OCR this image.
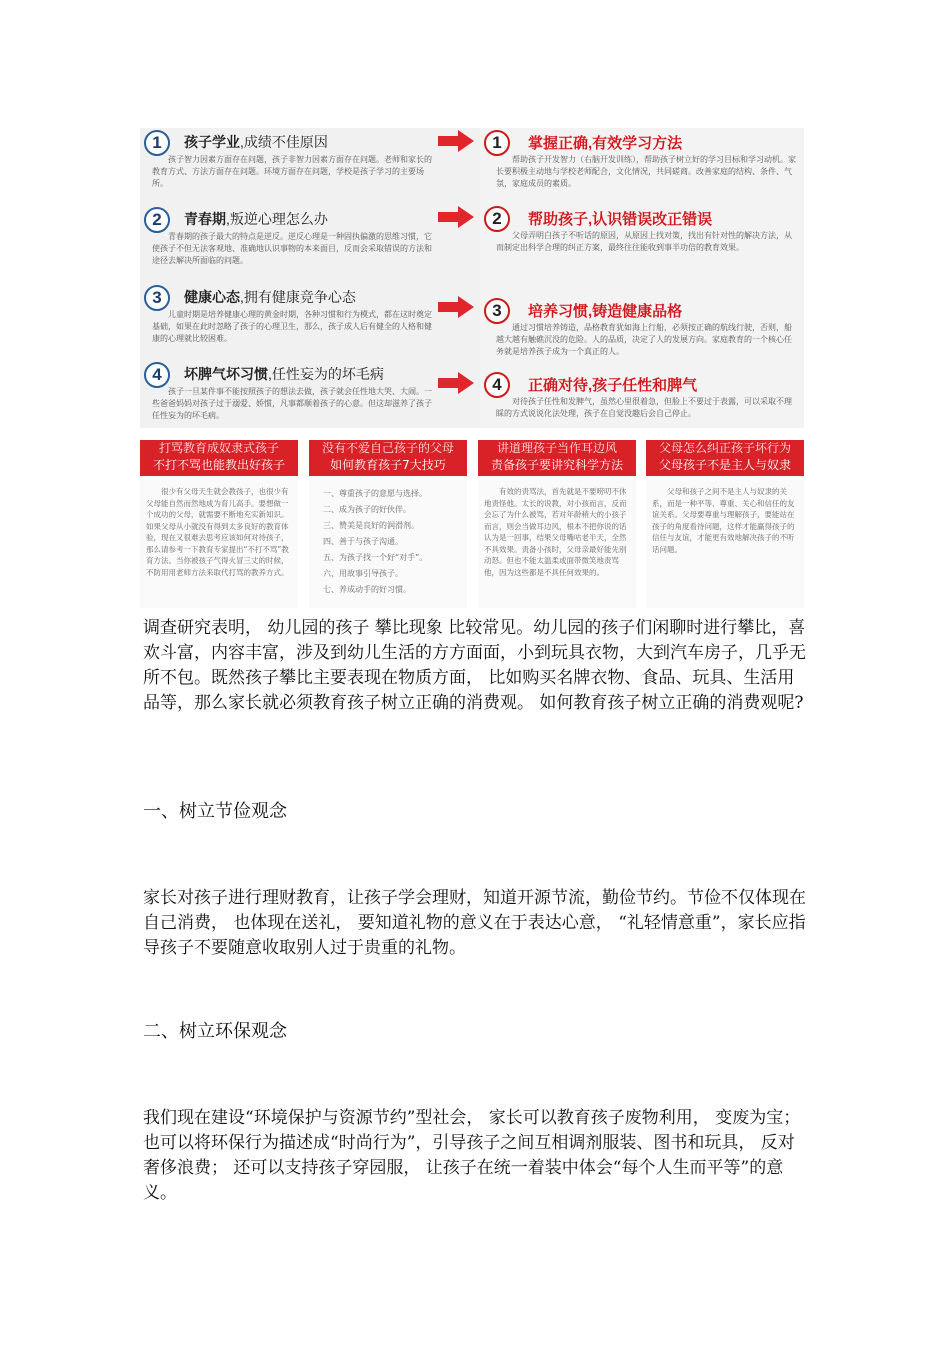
1	孩子学业,成绩不佳原因
孩子智力因素方面存在问题，孩子非智力因素方面存在问题。老师和家长的教育方式、方法方面存在问题。环境方面存在问题，学校是孩子学习的主要场所。
2	青春期,叛逆心理怎么办
青春期的孩子最大的特点是逆反。逆反心理是一种固执偏激的思维习惯，它使孩子不但无法客观地、准确地认识事物的本来面目，反而会采取错误的方法和途径去解决所面临的问题。
3	健康心态,拥有健康竞争心态
儿童时期是培养健康心理的黄金时期，各种习惯和行为模式，都在这时奠定基础，如果在此时忽略了孩子的心理卫生，那么，孩子成人后有健全的人格和健康的心理就比较困难。
4	坏脾气坏习惯,任性妄为的坏毛病
孩子一旦某件事不能按照孩子的想法去做，孩子就会任性地大哭、大闹。一些爸爸妈妈对孩子过于溺爱、娇惯，凡事都顺着孩子的心意。但这却滋养了孩子任性妄为的坏毛病。
1	掌握正确,有效学习方法
帮助孩子开发智力（右脑开发训练），帮助孩子树立好的学习目标和学习动机。家长要积极主动地与学校老师配合，文化情况，共同磋商。改善家庭的结构、条件、气氛，家庭成员的素质。
2	帮助孩子,认识错误改正错误
父母弄明白孩子不听话的原因，从原因上找对策，找出有针对性的解决方法，从而制定出科学合理的纠正方案，最终往往能收到事半功倍的教育效果。
3	培养习惯,铸造健康品格
通过习惯培养铸造，品格教育犹如海上行船，必须按正确的航线行驶，否则，船越大越有触礁沉没的危险。人的品质，决定了人的发展方向。家庭教育的一个核心任务就是培养孩子成为一个真正的人。
4	正确对待,孩子任性和脾气
对待孩子任性和发脾气，虽然心里很着急，但脸上不要过于表露，可以采取不理睬的方式说说化法处理，孩子在自觉没趣后会自己停止。
打骂教育成奴隶式孩子
不打不骂也能教出好孩子

很少有父母天生就会教孩子，也很少有父母能自然而然地成为育儿高手。要想做一个成功的父母，就需要不断地充实新知识。如果父母从小就没有得到太多良好的教育体验，现在又很难去思考应该如何对待孩子，那么请参考一下教育专家提出“不打不骂”教育方法。当你被孩子气得火冒三丈的时候，不防用用老师方法来取代打骂的教养方式。

没有不爱自己孩子的父母
如何教育孩子7大技巧
一、尊重孩子的意愿与选择。
二、成为孩子的好伙伴。
三、赞美是良好的润滑剂。
四、善于与孩子沟通。
五、为孩子找一个好“对手”。
六、用故事引导孩子。
七、养成动手的好习惯。
讲道理孩子当作耳边风
责备孩子要讲究科学方法

有效的责骂法，首先就是不要唠叨不休地责怪他。太长的说教，对小孩而言，反而会忘了为什么被骂，若对年龄稍大的小孩子而言，则会当做耳边风，根本不把你说的话认为是一回事，结果父母嘴咕老半天，全然不具效果。责备小孩时，父母亲最好能先别动怒。但也不能太温柔或面带微笑地责骂他，因为这些都是不具任何效果的。

父母怎么纠正孩子坏行为
父母孩子不是主人与奴隶

父母和孩子之间不是主人与奴隶的关系，而是一种平等、尊重、关心和信任的友谊关系。父母要尊重与理解孩子，要能站在孩子的角度看待问题，这样才能赢得孩子的信任与友谊，才能更有效地解决孩子的不听话问题。

调查研究表明， 幼儿园的孩子 攀比现象 比较常见。幼儿园的孩子们闲聊时进行攀比，喜欢斗富，内容丰富，涉及到幼儿生活的方方面面，小到玩具衣物，大到汽车房子，几乎无所不包。既然孩子攀比主要表现在物质方面， 比如购买名牌衣物、食品、玩具、生活用品等，那么家长就必须教育孩子树立正确的消费观。 如何教育孩子树立正确的消费观呢?

一、树立节俭观念

家长对孩子进行理财教育，让孩子学会理财，知道开源节流，勤俭节约。节俭不仅体现在自己消费， 也体现在送礼， 要知道礼物的意义在于表达心意， “礼轻情意重”，家长应指导孩子不要随意收取别人过于贵重的礼物。

二、树立环保观念

我们现在建设“环境保护与资源节约”型社会， 家长可以教育孩子废物利用， 变废为宝；也可以将环保行为描述成“时尚行为”，引导孩子之间互相调剂服装、图书和玩具， 反对奢侈浪费； 还可以支持孩子穿园服， 让孩子在统一着装中体会“每个人生而平等”的意义。
